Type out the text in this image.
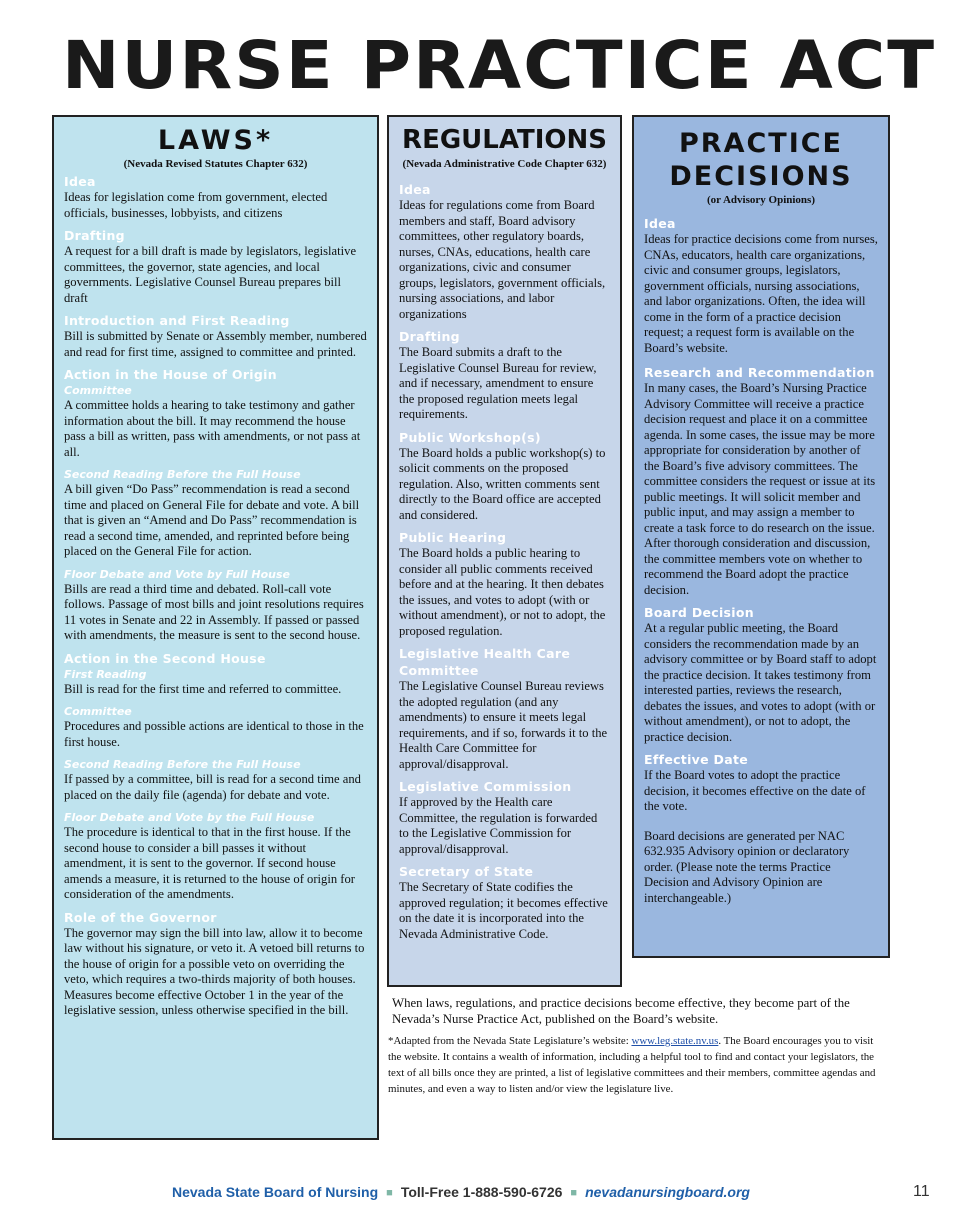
NURSE PRACTICE ACT
LAWS*
(Nevada Revised Statutes Chapter 632)
Idea

Ideas for legislation come from government, elected officials, businesses, lobbyists, and citizens

Drafting

A request for a bill draft is made by legislators, legislative committees, the governor, state agencies, and local governments. Legislative Counsel Bureau prepares bill draft

Introduction and First Reading

Bill is submitted by Senate or Assembly member, numbered and read for first time, assigned to committee and printed.

Action in the House of Origin
Committee

A committee holds a hearing to take testimony and gather information about the bill. It may recommend the house pass a bill as written, pass with amendments, or not pass at all.

Second Reading Before the Full House

A bill given “Do Pass” recommendation is read a second time and placed on General File for debate and vote. A bill that is given an “Amend and Do Pass” recommendation is read a second time, amended, and reprinted before being placed on the General File for action.

Floor Debate and Vote by Full House

Bills are read a third time and debated. Roll-call vote follows. Passage of most bills and joint resolutions requires 11 votes in Senate and 22 in Assembly. If passed or passed with amendments, the measure is sent to the second house.

Action in the Second House
First Reading

Bill is read for the first time and referred to committee.

Committee

Procedures and possible actions are identical to those in the first house.

Second Reading Before the Full House

If passed by a committee, bill is read for a second time and placed on the daily file (agenda) for debate and vote.

Floor Debate and Vote by the Full House

The procedure is identical to that in the first house. If the second house to consider a bill passes it without amendment, it is sent to the governor. If second house amends a measure, it is returned to the house of origin for consideration of the amendments.

Role of the Governor

The governor may sign the bill into law, allow it to become law without his signature, or veto it. A vetoed bill returns to the house of origin for a possible veto on overriding the veto, which requires a two-thirds majority of both houses. Measures become effective October 1 in the year of the legislative session, unless otherwise specified in the bill.

REGULATIONS
(Nevada Administrative Code Chapter 632)
Idea

Ideas for regulations come from Board members and staff, Board advisory committees, other regulatory boards, nurses, CNAs, educations, health care organizations, civic and consumer groups, legislators, government officials, nursing associations, and labor organizations

Drafting

The Board submits a draft to the Legislative Counsel Bureau for review, and if necessary, amendment to ensure the proposed regulation meets legal requirements.

Public Workshop(s)

The Board holds a public workshop(s) to solicit comments on the proposed regulation. Also, written comments sent directly to the Board office are accepted and considered.

Public Hearing

The Board holds a public hearing to consider all public comments received before and at the hearing. It then debates the issues, and votes to adopt (with or without amendment), or not to adopt, the proposed regulation.

Legislative Health Care Committee

The Legislative Counsel Bureau reviews the adopted regulation (and any amendments) to ensure it meets legal requirements, and if so, forwards it to the Health Care Committee for approval/disapproval.

Legislative Commission

If approved by the Health care Committee, the regulation is forwarded to the Legislative Commission for approval/disapproval.

Secretary of State

The Secretary of State codifies the approved regulation; it becomes effective on the date it is incorporated into the Nevada Administrative Code.

PRACTICE
DECISIONS
(or Advisory Opinions)
Idea

Ideas for practice decisions come from nurses, CNAs, educators, health care organizations, civic and consumer groups, legislators, government officials, nursing associations, and labor organizations. Often, the idea will come in the form of a practice decision request; a request form is available on the Board’s website.

Research and Recommendation

In many cases, the Board’s Nursing Practice Advisory Committee will receive a practice decision request and place it on a committee agenda. In some cases, the issue may be more appropriate for consideration by another of the Board’s five advisory committees. The committee considers the request or issue at its public meetings. It will solicit member and public input, and may assign a member to create a task force to do research on the issue. After thorough consideration and discussion, the committee members vote on whether to recommend the Board adopt the practice decision.

Board Decision

At a regular public meeting, the Board considers the recommendation made by an advisory committee or by Board staff to adopt the practice decision. It takes testimony from interested parties, reviews the research, debates the issues, and votes to adopt (with or without amendment), or not to adopt, the practice decision.

Effective Date

If the Board votes to adopt the practice decision, it becomes effective on the date of the vote.

Board decisions are generated per NAC 632.935 Advisory opinion or declaratory order. (Please note the terms Practice Decision and Advisory Opinion are interchangeable.)

When laws, regulations, and practice decisions become effective, they become part of the Nevada’s Nurse Practice Act, published on the Board’s website.

*Adapted from the Nevada State Legislature’s website: www.leg.state.nv.us. The Board encourages you to visit the website. It contains a wealth of information, including a helpful tool to find and contact your legislators, the text of all bills once they are printed, a list of legislative committees and their members, committee agendas and minutes, and even a way to listen and/or view the legislature live.

Nevada State Board of Nursing ■ Toll-Free 1-888-590-6726 ■ nevadanursingboard.org	11
